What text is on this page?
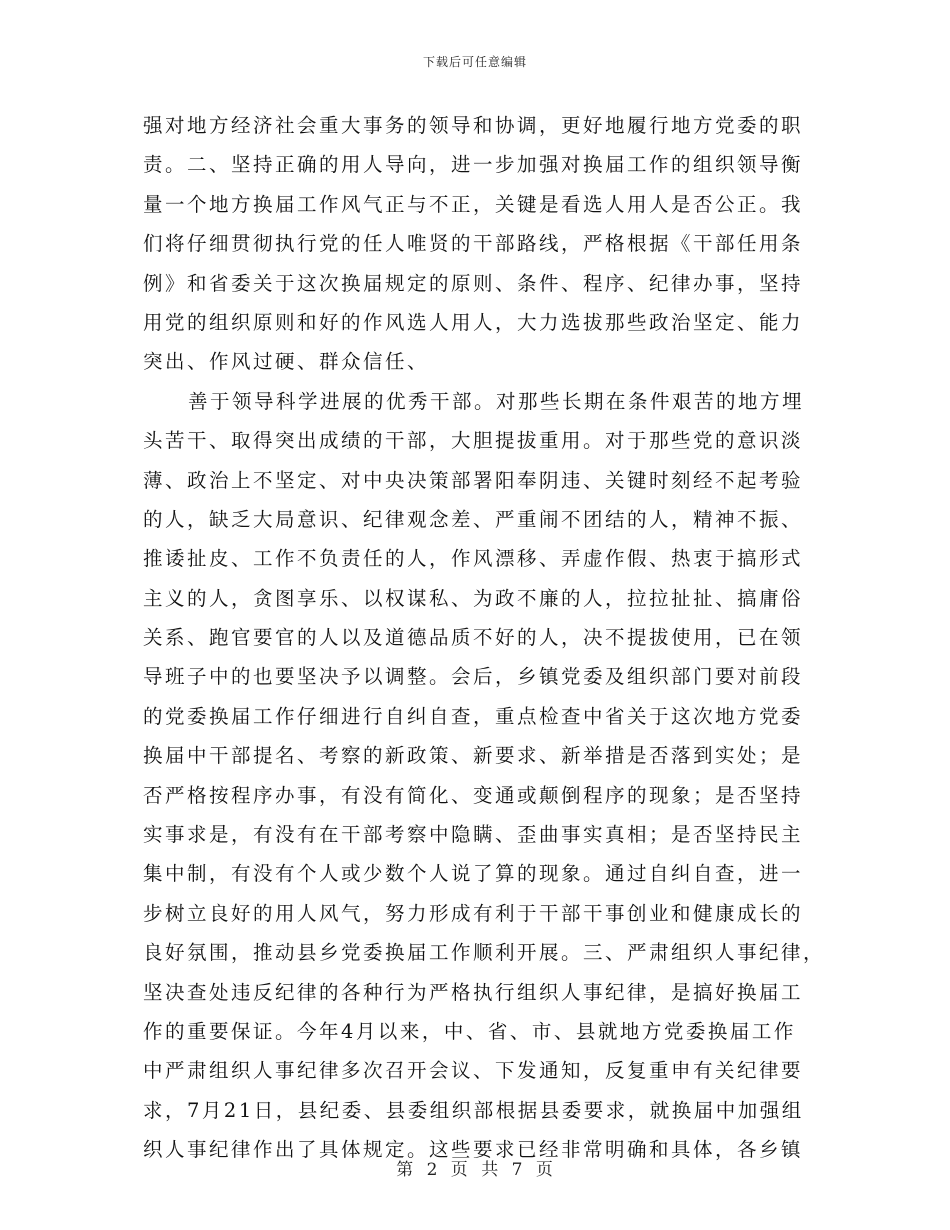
下载后可任意编辑
强对地方经济社会重大事务的领导和协调，更好地履行地方党委的职
责。二、坚持正确的用人导向，进一步加强对换届工作的组织领导衡
量一个地方换届工作风气正与不正，关键是看选人用人是否公正。我
们将仔细贯彻执行党的任人唯贤的干部路线，严格根据《干部任用条
例》和省委关于这次换届规定的原则、条件、程序、纪律办事，坚持
用党的组织原则和好的作风选人用人，大力选拔那些政治坚定、能力
突出、作风过硬、群众信任、
善于领导科学进展的优秀干部。对那些长期在条件艰苦的地方埋
头苦干、取得突出成绩的干部，大胆提拔重用。对于那些党的意识淡
薄、政治上不坚定、对中央决策部署阳奉阴违、关键时刻经不起考验
的人，缺乏大局意识、纪律观念差、严重闹不团结的人，精神不振、
推诿扯皮、工作不负责任的人，作风漂移、弄虚作假、热衷于搞形式
主义的人，贪图享乐、以权谋私、为政不廉的人，拉拉扯扯、搞庸俗
关系、跑官要官的人以及道德品质不好的人，决不提拔使用，已在领
导班子中的也要坚决予以调整。会后，乡镇党委及组织部门要对前段
的党委换届工作仔细进行自纠自查，重点检查中省关于这次地方党委
换届中干部提名、考察的新政策、新要求、新举措是否落到实处；是
否严格按程序办事，有没有简化、变通或颠倒程序的现象；是否坚持
实事求是，有没有在干部考察中隐瞒、歪曲事实真相；是否坚持民主
集中制，有没有个人或少数个人说了算的现象。通过自纠自查，进一
步树立良好的用人风气，努力形成有利于干部干事创业和健康成长的
良好氛围，推动县乡党委换届工作顺利开展。三、严肃组织人事纪律，
坚决查处违反纪律的各种行为严格执行组织人事纪律，是搞好换届工
作的重要保证。今年4月以来，中、省、市、县就地方党委换届工作
中严肃组织人事纪律多次召开会议、下发通知，反复重申有关纪律要
求，7月21日，县纪委、县委组织部根据县委要求，就换届中加强组
织人事纪律作出了具体规定。这些要求已经非常明确和具体，各乡镇
第 2 页 共 7 页
